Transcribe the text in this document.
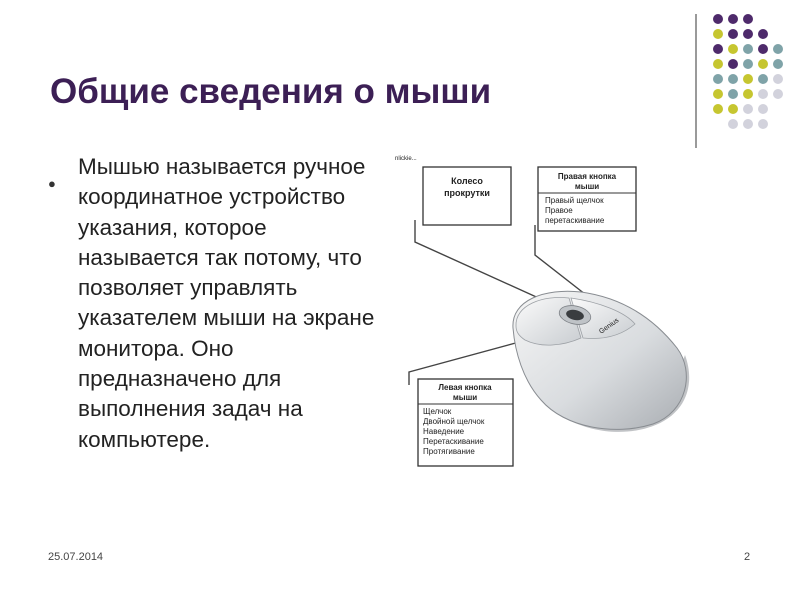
Общие сведения о мыши
●

Мышью называется ручное координатное устройство указания, которое называется так потому, что позволяет управлять указателем мыши на экране монитора. Оно предназначено для выполнения задач на компьютере.

nlickie...
Колесо
прокрутки
Правая кнопка
мыши
Правый щелчок
Правое
перетаскивание
Левая кнопка
мыши
Щелчок
Двойной щелчок
Наведение
Перетаскивание
Протягивание
Genius
25.07.2014	2
